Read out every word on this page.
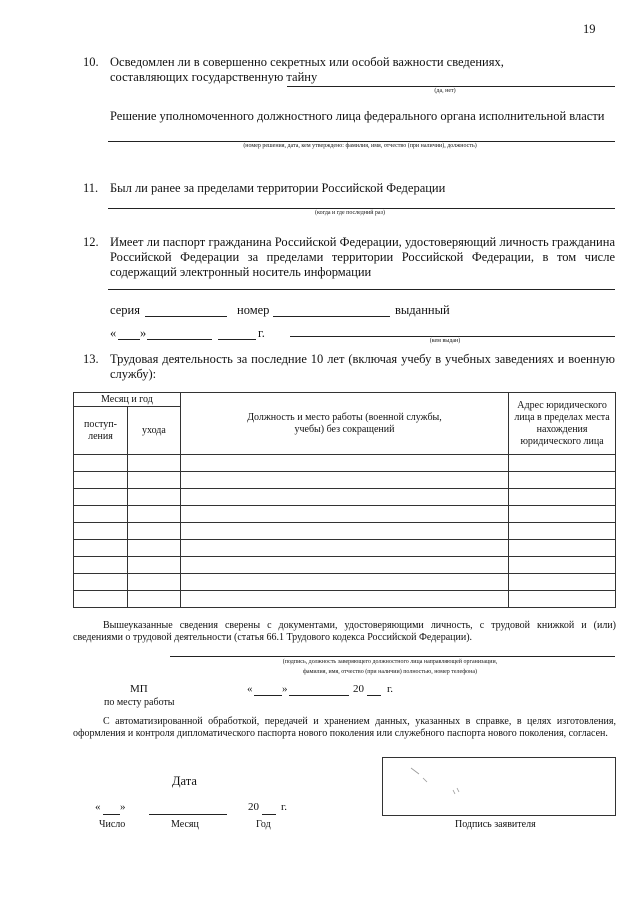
19
10. Осведомлен ли в совершенно секретных или особой важности сведениях, составляющих государственную тайну
(да, нет)
Решение уполномоченного должностного лица федерального органа исполнительной власти
(номер решения, дата, кем утверждено: фамилия, имя, отчество (при наличии), должность)
11. Был ли ранее за пределами территории Российской Федерации
(когда и где последний раз)
12. Имеет ли паспорт гражданина Российской Федерации, удостоверяющий личность гражданина Российской Федерации за пределами территории Российской Федерации, в том числе содержащий электронный носитель информации
серия	номер	выданный
« »	г.
(кем выдан)
13. Трудовая деятельность за последние 10 лет (включая учебу в учебных заведениях и военную службу):
Месяц и год		Должность и место работы (военной службы, учебы) без сокращений	Адрес юридического лица в пределах места нахождения юридического лица
поступ-ления	ухода		

Вышеуказанные сведения сверены с документами, удостоверяющими личность, с трудовой книжкой и (или) сведениями о трудовой деятельности (статья 66.1 Трудового кодекса Российской Федерации).
(подпись, должность заверяющего должностного лица направляющей организации,
фамилия, имя, отчество (при наличии) полностью, номер телефона)
МП
по месту работы
«	»	20 г.
С автоматизированной обработкой, передачей и хранением данных, указанных в справке, в целях изготовления, оформления и контроля дипломатического паспорта нового поколения или служебного паспорта нового поколения, согласен.
Дата
« »	20 г.
Число	Месяц	Год	Подпись заявителя
